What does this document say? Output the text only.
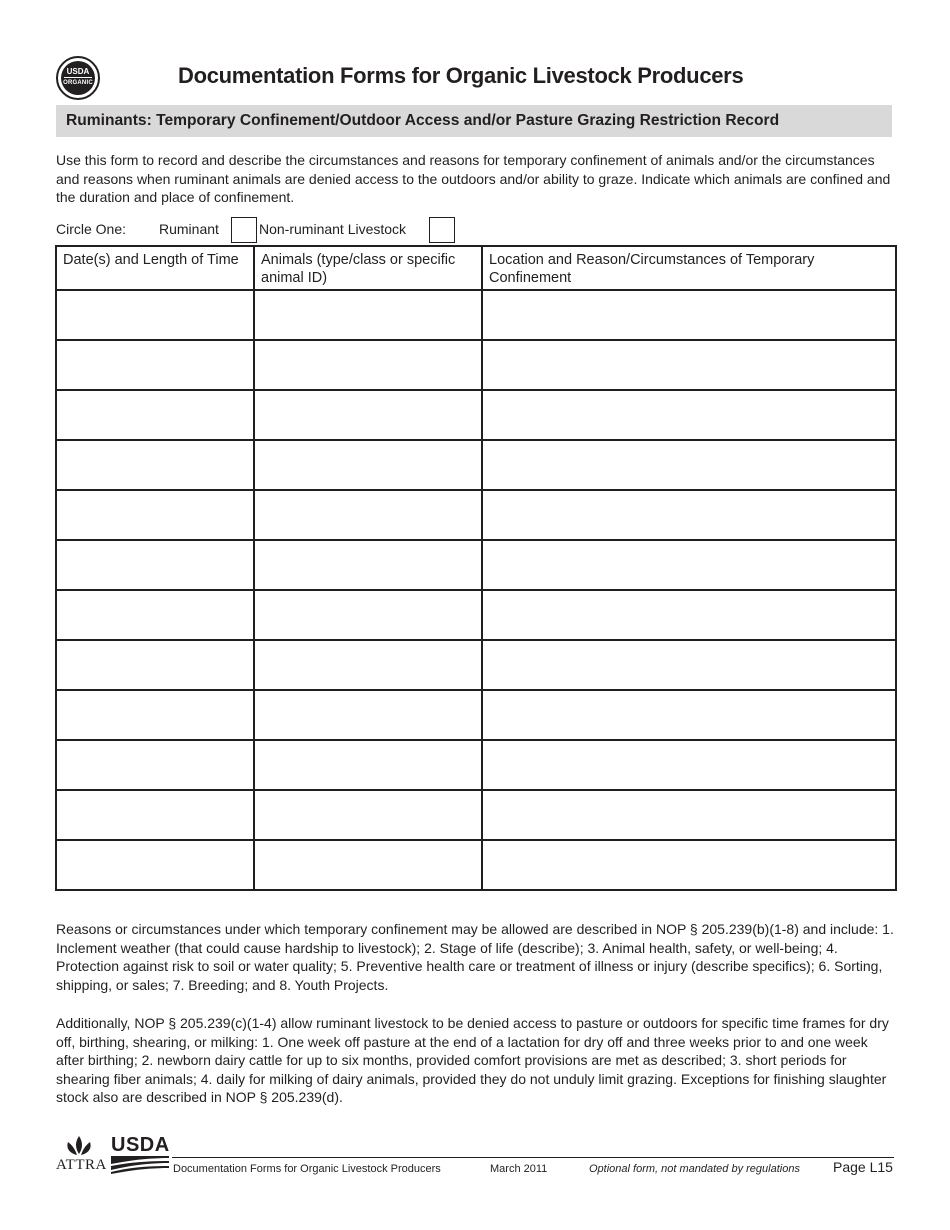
USDA
ORGANIC	Documentation Forms for Organic Livestock Producers
Ruminants: Temporary Confinement/Outdoor Access and/or Pasture Grazing Restriction Record

Use this form to record and describe the circumstances and reasons for temporary confinement of animals and/or the circumstances and reasons when ruminant animals are denied access to the outdoors and/or ability to graze. Indicate which animals are confined and the duration and place of confinement.

Circle One: Ruminant	Non-ruminant Livestock
Date(s) and Length of Time	Animals (type/class or specific animal ID)	Location and Reason/Circumstances of Temporary Confinement

Reasons or circumstances under which temporary confinement may be allowed are described in NOP § 205.239(b)(1-8) and include: 1. Inclement weather (that could cause hardship to livestock); 2. Stage of life (describe); 3. Animal health, safety, or well-being; 4. Protection against risk to soil or water quality; 5. Preventive health care or treatment of illness or injury (describe specifics); 6. Sorting, shipping, or sales; 7. Breeding; and 8. Youth Projects.

Additionally, NOP § 205.239(c)(1-4) allow ruminant livestock to be denied access to pasture or outdoors for specific time frames for dry off, birthing, shearing, or milking: 1. One week off pasture at the end of a lactation for dry off and three weeks prior to and one week after birthing; 2. newborn dairy cattle for up to six months, provided comfort provisions are met as described; 3. short periods for shearing fiber animals; 4. daily for milking of dairy animals, provided they do not unduly limit grazing. Exceptions for finishing slaughter stock also are described in NOP § 205.239(d).

ATTRA
USDA
Documentation Forms for Organic Livestock Producers	March 2011	Optional form, not mandated by regulations Page L15
